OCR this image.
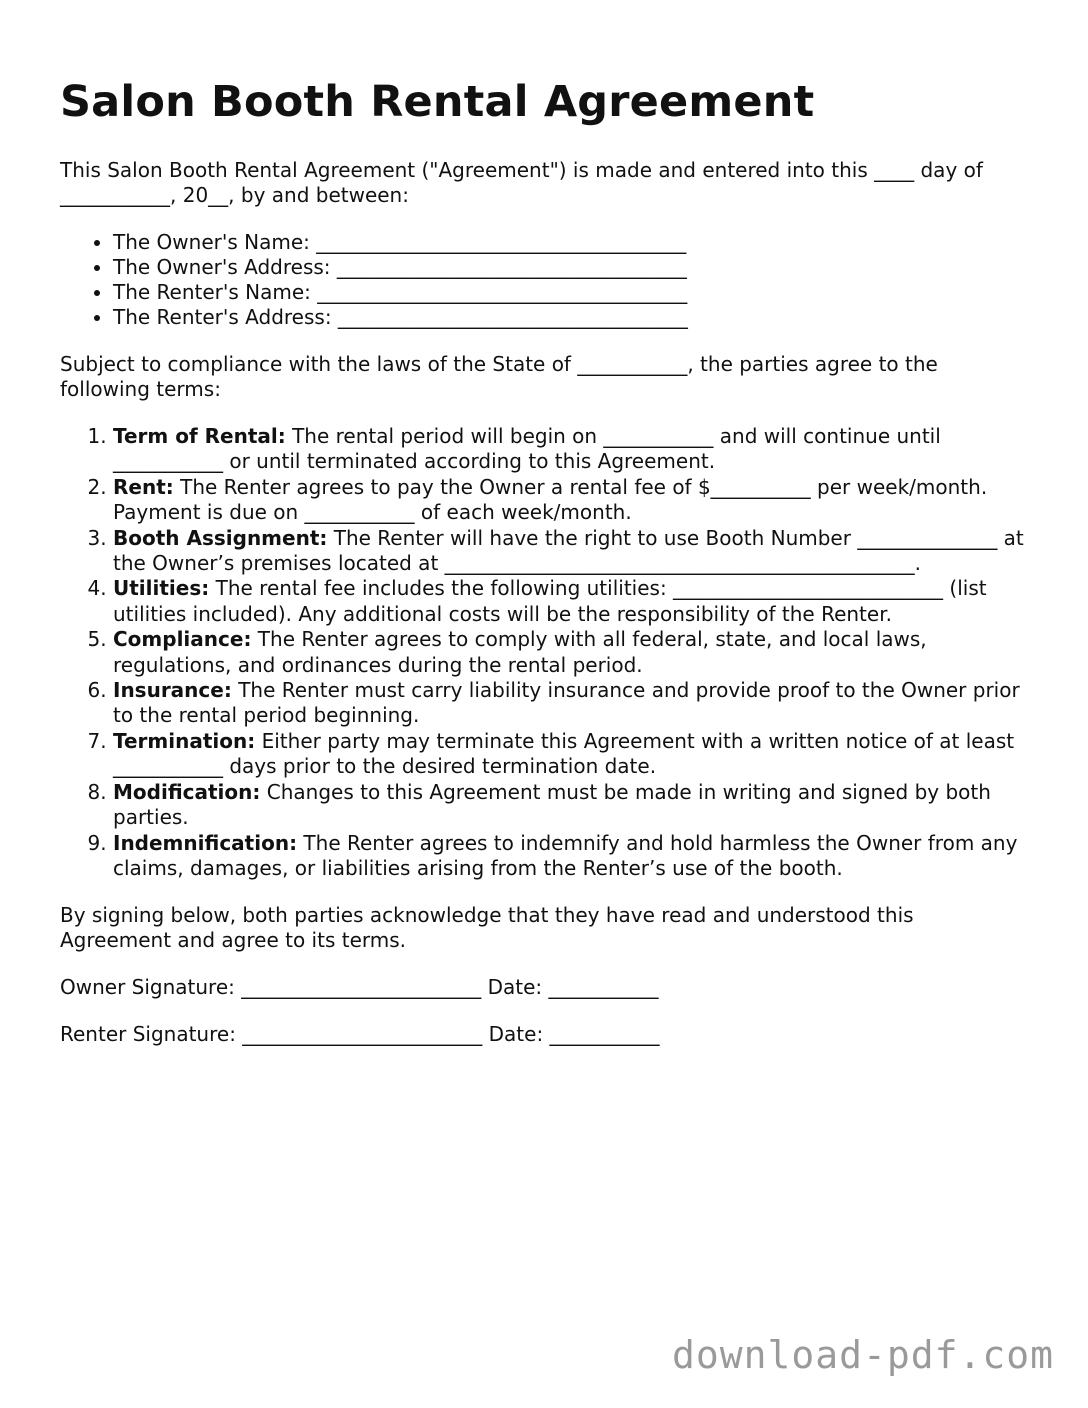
Salon Booth Rental Agreement

This Salon Booth Rental Agreement ("Agreement") is made and entered into this ____ day of ___________, 20__, by and between:

• The Owner's Name: _____________________________________
• The Owner's Address: ___________________________________
• The Renter's Name: _____________________________________
• The Renter's Address: ___________________________________

Subject to compliance with the laws of the State of ___________, the parties agree to the following terms:

1. Term of Rental: The rental period will begin on ___________ and will continue until ___________ or until terminated according to this Agreement.
2. Rent: The Renter agrees to pay the Owner a rental fee of $__________ per week/month. Payment is due on ___________ of each week/month.
3. Booth Assignment: The Renter will have the right to use Booth Number ______________ at the Owner’s premises located at _______________________________________________.
4. Utilities: The rental fee includes the following utilities: ___________________________ (list utilities included). Any additional costs will be the responsibility of the Renter.
5. Compliance: The Renter agrees to comply with all federal, state, and local laws, regulations, and ordinances during the rental period.
6. Insurance: The Renter must carry liability insurance and provide proof to the Owner prior to the rental period beginning.
7. Termination: Either party may terminate this Agreement with a written notice of at least ___________ days prior to the desired termination date.
8. Modification: Changes to this Agreement must be made in writing and signed by both parties.
9. Indemnification: The Renter agrees to indemnify and hold harmless the Owner from any claims, damages, or liabilities arising from the Renter’s use of the booth.

By signing below, both parties acknowledge that they have read and understood this Agreement and agree to its terms.

Owner Signature: ________________________ Date: ___________

Renter Signature: ________________________ Date: ___________

download-pdf.com
